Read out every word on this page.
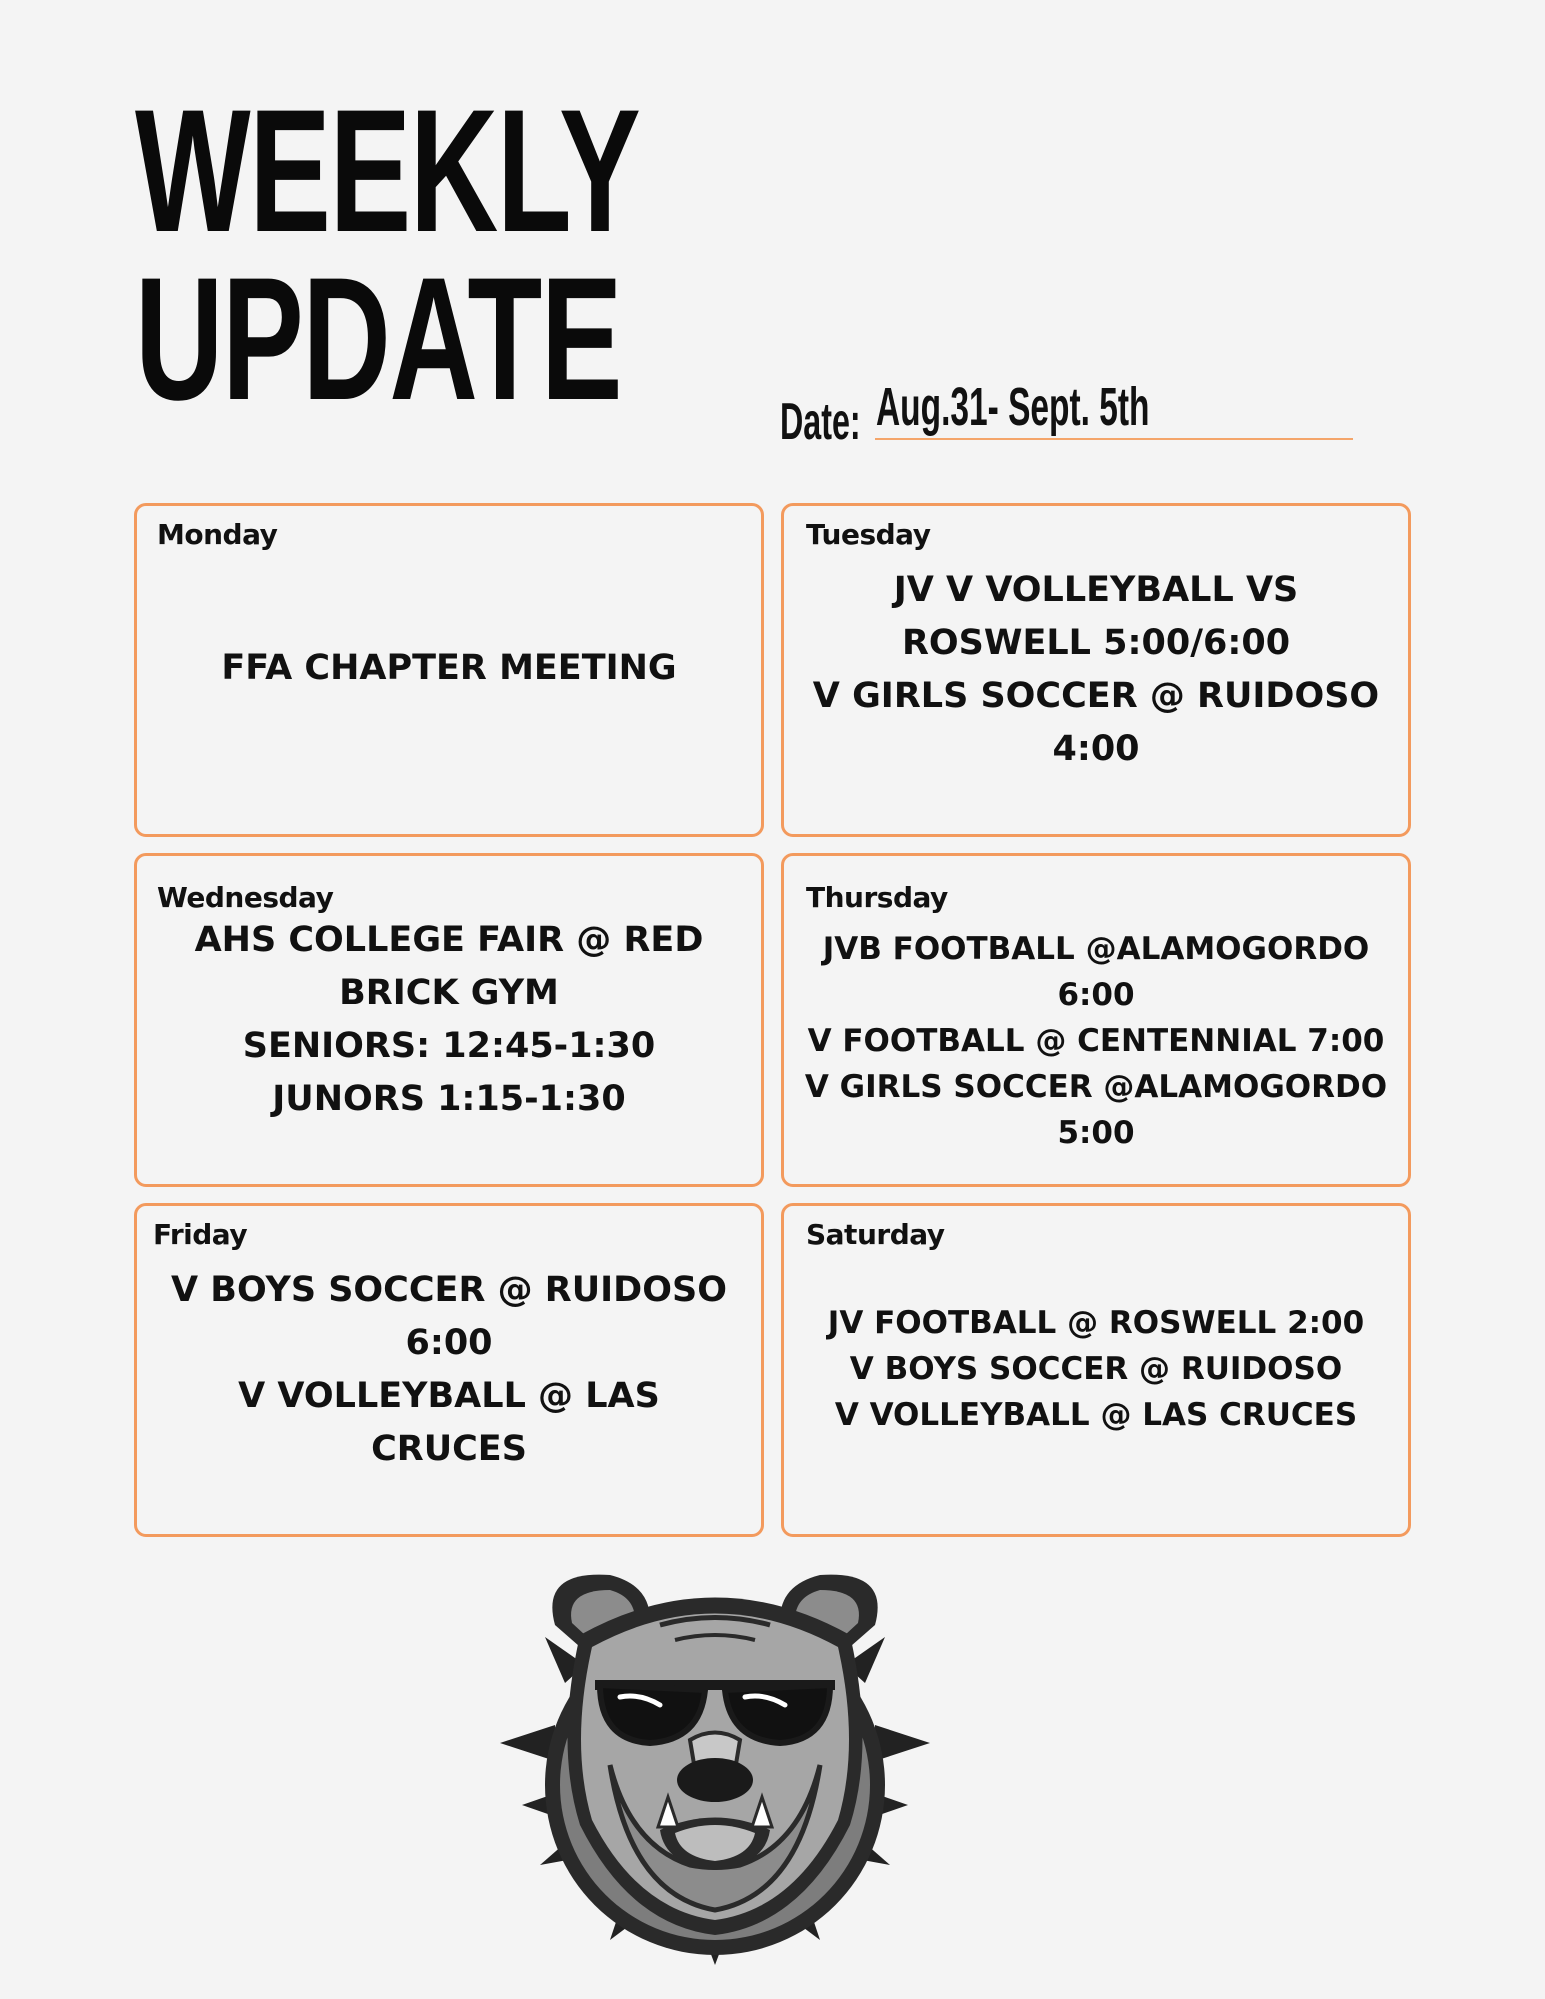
WEEKLY
UPDATE	Date: Aug.31- Sept. 5th
Monday
FFA CHAPTER MEETING
Tuesday
JV V VOLLEYBALL VS
ROSWELL 5:00/6:00
V GIRLS SOCCER @ RUIDOSO
4:00
Wednesday
AHS COLLEGE FAIR @ RED
BRICK GYM
SENIORS: 12:45-1:30
JUNORS 1:15-1:30
Thursday
JVB FOOTBALL @ALAMOGORDO
6:00
V FOOTBALL @ CENTENNIAL 7:00
V GIRLS SOCCER @ALAMOGORDO
5:00
Friday
V BOYS SOCCER @ RUIDOSO
6:00
V VOLLEYBALL @ LAS
CRUCES
Saturday
JV FOOTBALL @ ROSWELL 2:00
V BOYS SOCCER @ RUIDOSO
V VOLLEYBALL @ LAS CRUCES
